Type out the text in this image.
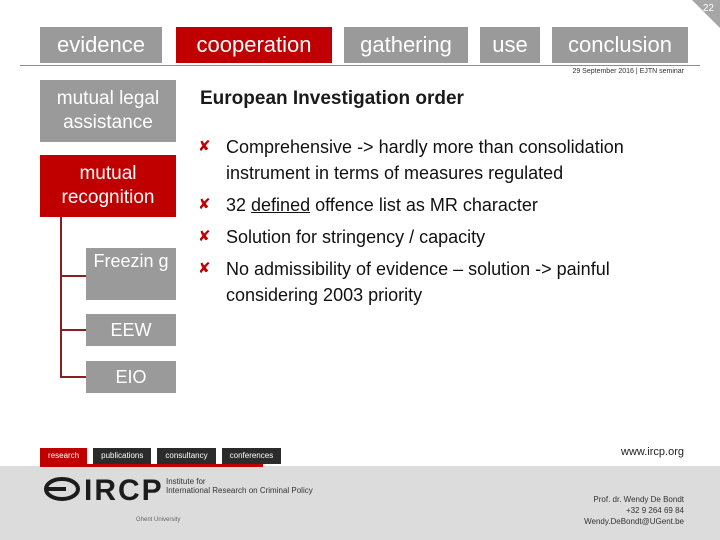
22
evidence	cooperation	gathering	use	conclusion
29 September 2016 | EJTN seminar
mutual legal assistance
mutual recognition
Freezin g
EEW
EIO
European Investigation order
✘ Comprehensive -> hardly more than consolidation instrument in terms of measures regulated
✘ 32 defined offence list as MR character
✘ Solution for stringency / capacity
✘ No admissibility of evidence – solution -> painful considering 2003 priority
research	publications	consultancy	conferences	www.ircp.org
IRCP Institute for
International Research on Criminal Policy
Ghent University
Prof. dr. Wendy De Bondt
+32 9 264 69 84
Wendy.DeBondt@UGent.be
